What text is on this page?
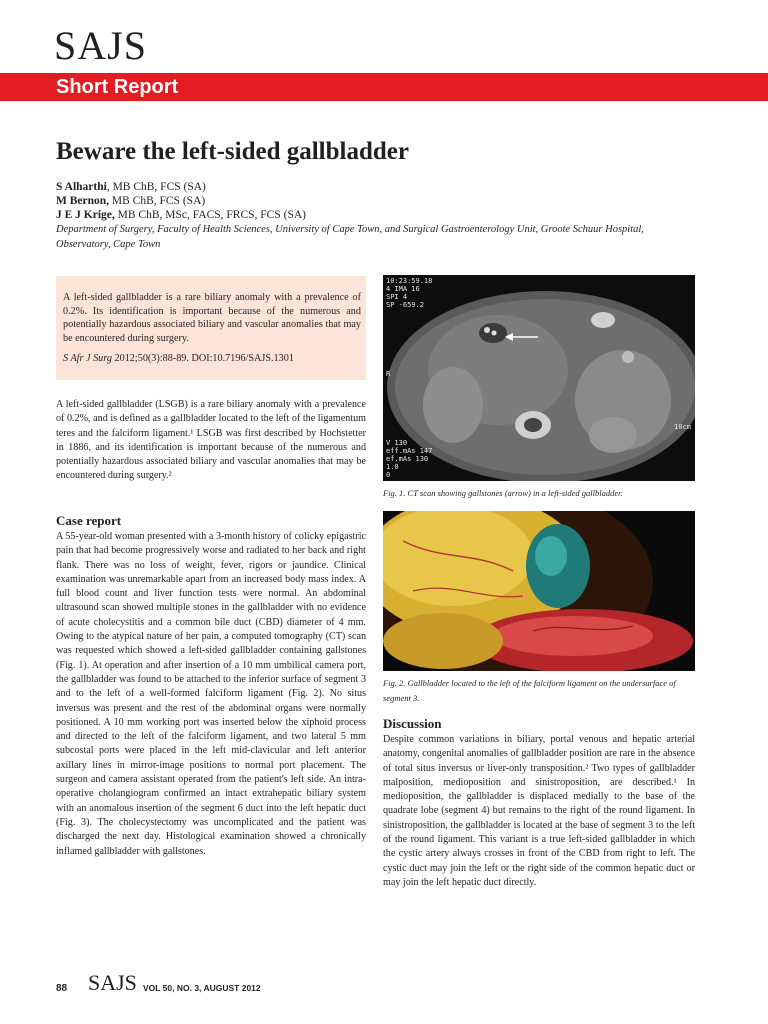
SAJS
Short Report
Beware the left-sided gallbladder
S Alharthi, MB ChB, FCS (SA)
M Bernon, MB ChB, FCS (SA)
J E J Krige, MB ChB, MSc, FACS, FRCS, FCS (SA)
Department of Surgery, Faculty of Health Sciences, University of Cape Town, and Surgical Gastroenterology Unit, Groote Schuur Hospital, Observatory, Cape Town
A left-sided gallbladder is a rare biliary anomaly with a prevalence of 0.2%. Its identification is important because of the numerous and potentially hazardous associated biliary and vascular anomalies that may be encountered during surgery.
S Afr J Surg 2012;50(3):88-89. DOI:10.7196/SAJS.1301
A left-sided gallbladder (LSGB) is a rare biliary anomaly with a prevalence of 0.2%, and is defined as a gallbladder located to the left of the ligamentum teres and the falciform ligament.¹ LSGB was first described by Hochstetter in 1886, and its identification is important because of the numerous and potentially hazardous associated biliary and vascular anomalies that may be encountered during surgery.²
Case report
A 55-year-old woman presented with a 3-month history of colicky epigastric pain that had become progressively worse and radiated to her back and right flank. There was no loss of weight, fever, rigors or jaundice. Clinical examination was unremarkable apart from an increased body mass index. A full blood count and liver function tests were normal. An abdominal ultrasound scan showed multiple stones in the gallbladder with no evidence of acute cholecystitis and a common bile duct (CBD) diameter of 4 mm. Owing to the atypical nature of her pain, a computed tomography (CT) scan was requested which showed a left-sided gallbladder containing gallstones (Fig. 1). At operation and after insertion of a 10 mm umbilical camera port, the gallbladder was found to be attached to the inferior surface of segment 3 and to the left of a well-formed falciform ligament (Fig. 2). No situs inversus was present and the rest of the abdominal organs were normally positioned. A 10 mm working port was inserted below the xiphoid process and directed to the left of the falciform ligament, and two lateral 5 mm subcostal ports were placed in the left mid-clavicular and left anterior axillary lines in mirror-image positions to normal port placement. The surgeon and camera assistant operated from the patient's left side. An intra-operative cholangiogram confirmed an intact extrahepatic biliary system with an anomalous insertion of the segment 6 duct into the left hepatic duct (Fig. 3). The cholecystectomy was uncomplicated and the patient was discharged the next day. Histological examination showed a chronically inflamed gallbladder with gallstones.
10:23:59.18
4 IMA 16
SPI 4
SP -659.2
R
V 130
eff.mAs 147
ef.mAs 130
1.0
0
10cm
Fig. 1. CT scan showing gallstones (arrow) in a left-sided gallbladder.
Fig. 2. Gallbladder located to the left of the falciform ligament on the undersurface of segment 3.
Discussion
Despite common variations in biliary, portal venous and hepatic arterial anatomy, congenital anomalies of gallbladder position are rare in the absence of total situs inversus or liver-only transposition.² Two types of gallbladder malposition, medioposition and sinistroposition, are described.¹ In medioposition, the gallbladder is displaced medially to the base of the quadrate lobe (segment 4) but remains to the right of the round ligament. In sinistroposition, the gallbladder is located at the base of segment 3 to the left of the round ligament. This variant is a true left-sided gallbladder in which the cystic artery always crosses in front of the CBD from right to left. The cystic duct may join the left or the right side of the common hepatic duct or may join the left hepatic duct directly.
88 SAJS VOL 50, NO. 3, AUGUST 2012
